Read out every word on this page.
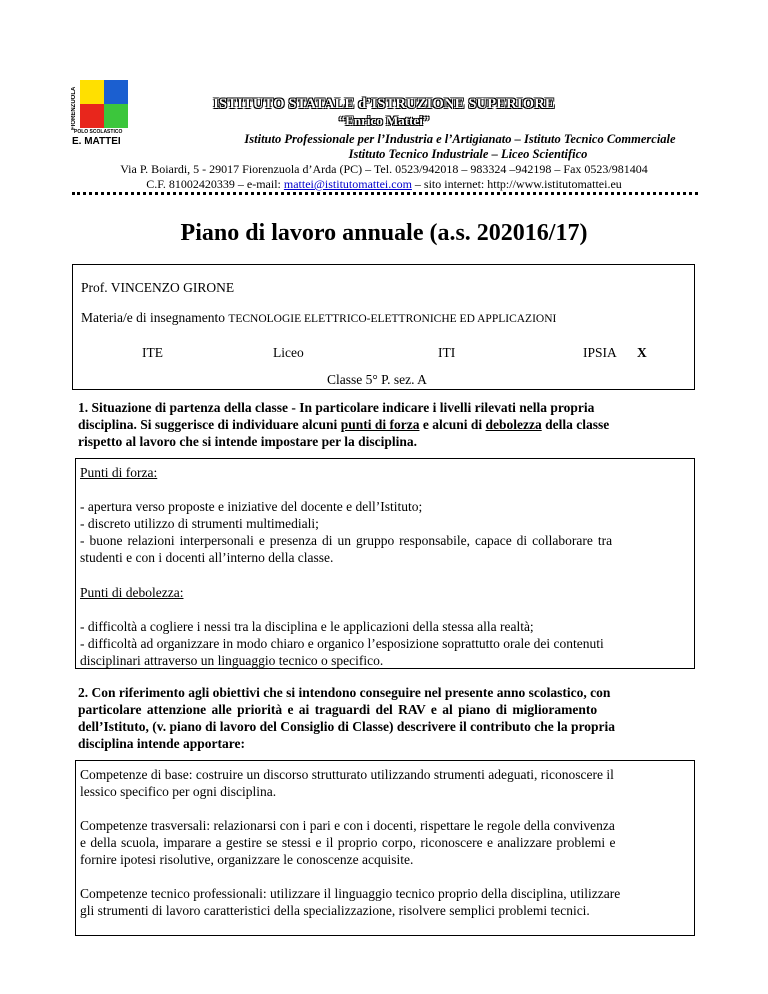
FIORENZUOLA
POLO SCOLASTICO
E. MATTEI
ISTITUTO STATALE d’ISTRUZIONE SUPERIORE
“Enrico Mattei”
Istituto Professionale per l’Industria e l’Artigianato – Istituto Tecnico Commerciale
Istituto Tecnico Industriale – Liceo Scientifico
Via P. Boiardi, 5 - 29017 Fiorenzuola d’Arda (PC) – Tel. 0523/942018 – 983324 –942198 – Fax 0523/981404
C.F. 81002420339 – e-mail: mattei@istitutomattei.com – sito internet: http://www.istitutomattei.eu
Piano di lavoro annuale (a.s. 202016/17)
Prof. VINCENZO GIRONE
Materia/e di insegnamento TECNOLOGIE ELETTRICO-ELETTRONICHE ED APPLICAZIONI
ITE	Liceo	ITI	IPSIA X
Classe 5° P. sez. A
1. Situazione di partenza della classe - In particolare indicare i livelli rilevati nella propria
disciplina. Si suggerisce di individuare alcuni punti di forza e alcuni di debolezza della classe
rispetto al lavoro che si intende impostare per la disciplina.
Punti di forza:
- apertura verso proposte e iniziative del docente e dell’Istituto;
- discreto utilizzo di strumenti multimediali;
- buone relazioni interpersonali e presenza di un gruppo responsabile, capace di collaborare tra
studenti e con i docenti all’interno della classe.
Punti di debolezza:
- difficoltà a cogliere i nessi tra la disciplina e le applicazioni della stessa alla realtà;
- difficoltà ad organizzare in modo chiaro e organico l’esposizione soprattutto orale dei contenuti
disciplinari attraverso un linguaggio tecnico o specifico.
2. Con riferimento agli obiettivi che si intendono conseguire nel presente anno scolastico, con
particolare attenzione alle priorità e ai traguardi del RAV e al piano di miglioramento
dell’Istituto, (v. piano di lavoro del Consiglio di Classe) descrivere il contributo che la propria
disciplina intende apportare:
Competenze di base: costruire un discorso strutturato utilizzando strumenti adeguati, riconoscere il
lessico specifico per ogni disciplina.
Competenze trasversali: relazionarsi con i pari e con i docenti, rispettare le regole della convivenza
e della scuola, imparare a gestire se stessi e il proprio corpo, riconoscere e analizzare problemi e
fornire ipotesi risolutive, organizzare le conoscenze acquisite.
Competenze tecnico professionali: utilizzare il linguaggio tecnico proprio della disciplina, utilizzare
gli strumenti di lavoro caratteristici della specializzazione, risolvere semplici problemi tecnici.
